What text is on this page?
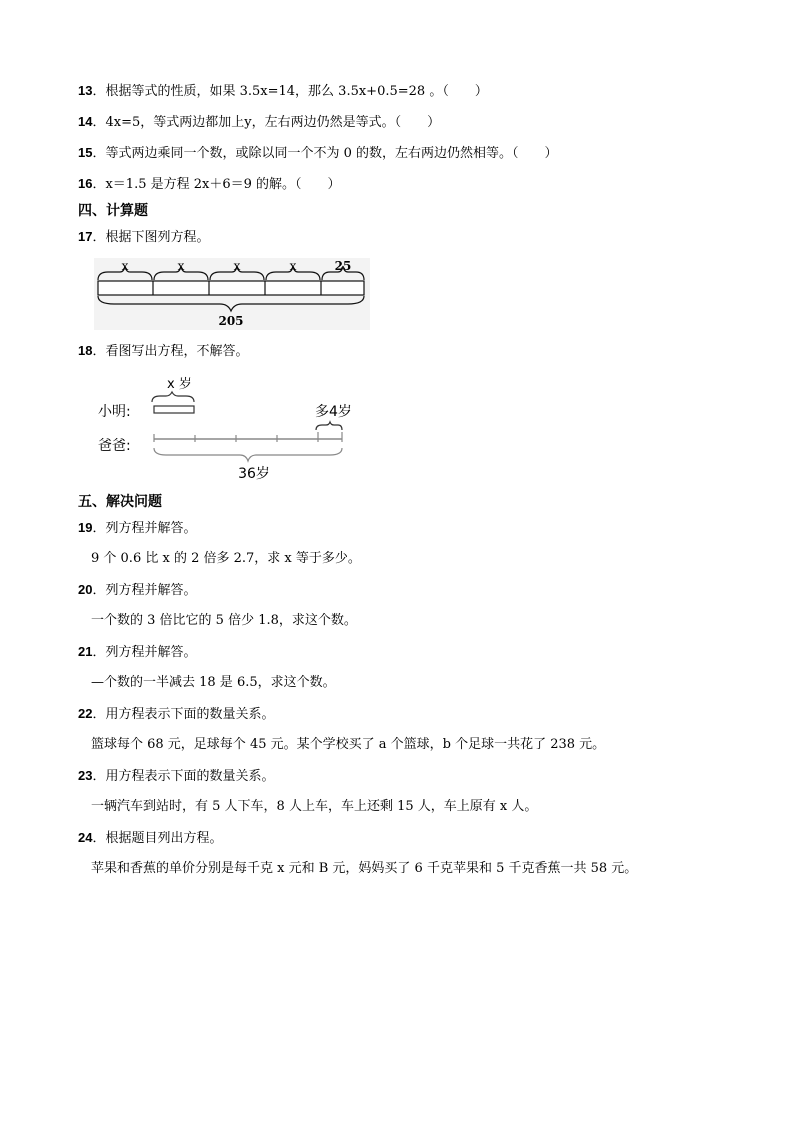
13．根据等式的性质，如果 3.5x=14，那么 3.5x+0.5=28 。（　　）
14．4x=5，等式两边都加上y，左右两边仍然是等式。（　　）
15．等式两边乘同一个数，或除以同一个不为 0 的数，左右两边仍然相等。（　　）
16．x＝1.5 是方程 2x＋6＝9 的解。（　　）
四、计算题
17．根据下图列方程。
x	x	x	x	25
205
18．看图写出方程，不解答。
x 岁
小明:	多4岁
爸爸:
36岁
五、解决问题
19．列方程并解答。
9 个 0.6 比 x 的 2 倍多 2.7，求 x 等于多少。
20．列方程并解答。
一个数的 3 倍比它的 5 倍少 1.8，求这个数。
21．列方程并解答。
—个数的一半减去 18 是 6.5，求这个数。
22．用方程表示下面的数量关系。
篮球每个 68 元，足球每个 45 元。某个学校买了 a 个篮球，b 个足球一共花了 238 元。
23．用方程表示下面的数量关系。
一辆汽车到站时，有 5 人下车，8 人上车，车上还剩 15 人，车上原有 x 人。
24．根据题目列出方程。
苹果和香蕉的单价分别是每千克 x 元和 B 元，妈妈买了 6 千克苹果和 5 千克香蕉一共 58 元。
